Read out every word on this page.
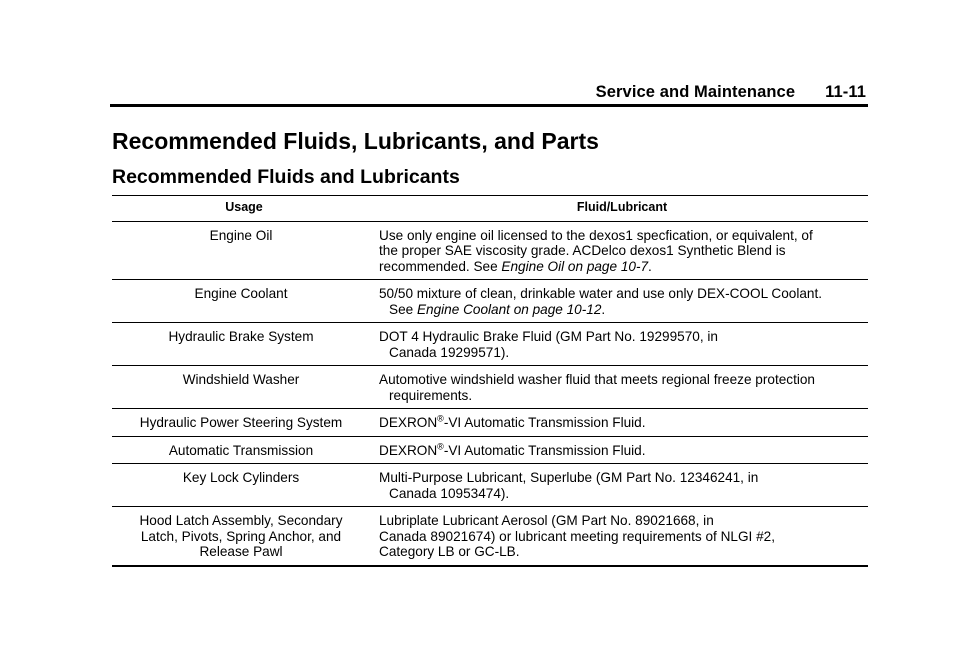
Service and Maintenance 11-11
Recommended Fluids, Lubricants, and Parts
Recommended Fluids and Lubricants
Usage	Fluid/Lubricant
Engine Oil	Use only engine oil licensed to the dexos1 specfication, or equivalent, of
the proper SAE viscosity grade. ACDelco dexos1 Synthetic Blend is
recommended. See Engine Oil on page 10-7.
Engine Coolant	50/50 mixture of clean, drinkable water and use only DEX-COOL Coolant.
See Engine Coolant on page 10-12.
Hydraulic Brake System	DOT 4 Hydraulic Brake Fluid (GM Part No. 19299570, in
Canada 19299571).
Windshield Washer	Automotive windshield washer fluid that meets regional freeze protection
requirements.
Hydraulic Power Steering System	DEXRON®-VI Automatic Transmission Fluid.
Automatic Transmission	DEXRON®-VI Automatic Transmission Fluid.
Key Lock Cylinders	Multi-Purpose Lubricant, Superlube (GM Part No. 12346241, in
Canada 10953474).
Hood Latch Assembly, Secondary
Latch, Pivots, Spring Anchor, and
Release Pawl	Lubriplate Lubricant Aerosol (GM Part No. 89021668, in
Canada 89021674) or lubricant meeting requirements of NLGI #2,
Category LB or GC-LB.
